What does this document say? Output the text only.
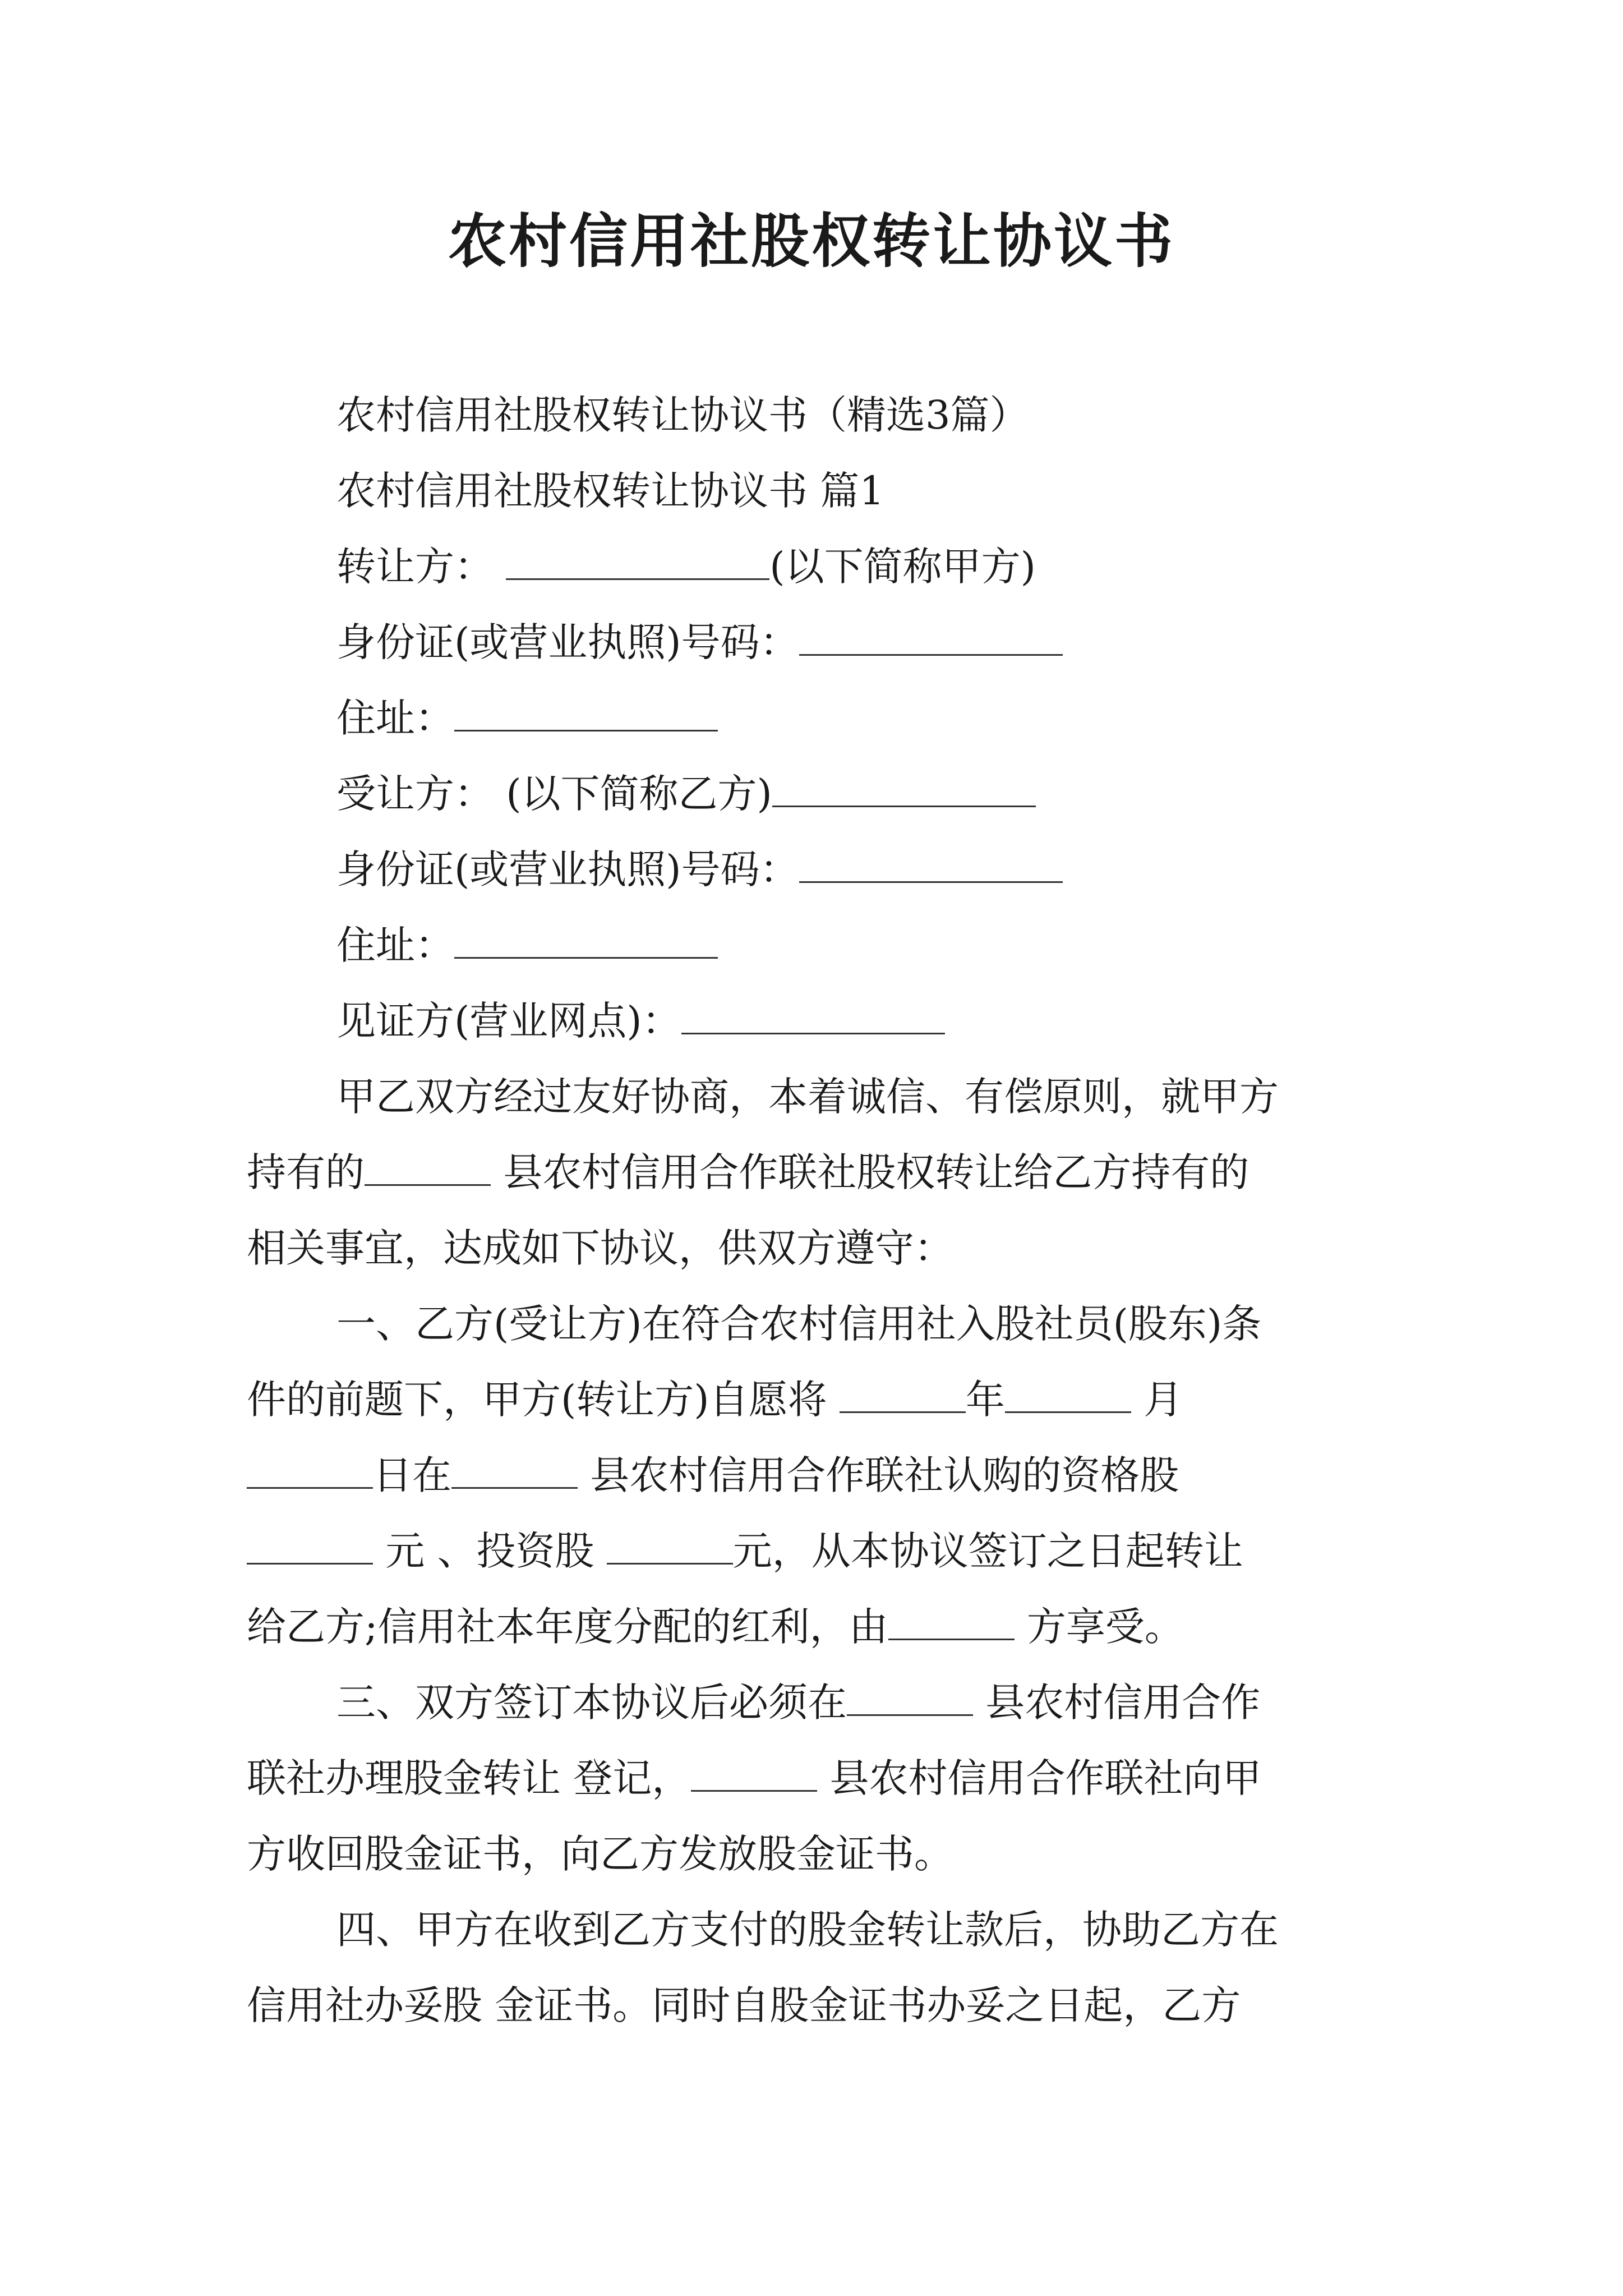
农村信用社股权转让协议书
农村信用社股权转让协议书（精选3篇）
农村信用社股权转让协议书 篇1
转让方：	(以下简称甲方)
身份证(或营业执照)号码：
住址：
受让方： (以下简称乙方)
身份证(或营业执照)号码：
住址：
见证方(营业网点)：
甲乙双方经过友好协商，本着诚信、有偿原则，就甲方
持有的	县农村信用合作联社股权转让给乙方持有的
相关事宜，达成如下协议，供双方遵守：
一、乙方(受让方)在符合农村信用社入股社员(股东)条
件的前题下，甲方(转让方)自愿将	年	月
日在	县农村信用合作联社认购的资格股
元 、投资股	元，从本协议签订之日起转让
给乙方;信用社本年度分配的红利，由	方享受。
三、双方签订本协议后必须在	县农村信用合作
联社办理股金转让 登记，	县农村信用合作联社向甲
方收回股金证书，向乙方发放股金证书。
四、甲方在收到乙方支付的股金转让款后，协助乙方在
信用社办妥股 金证书。同时自股金证书办妥之日起，乙方
